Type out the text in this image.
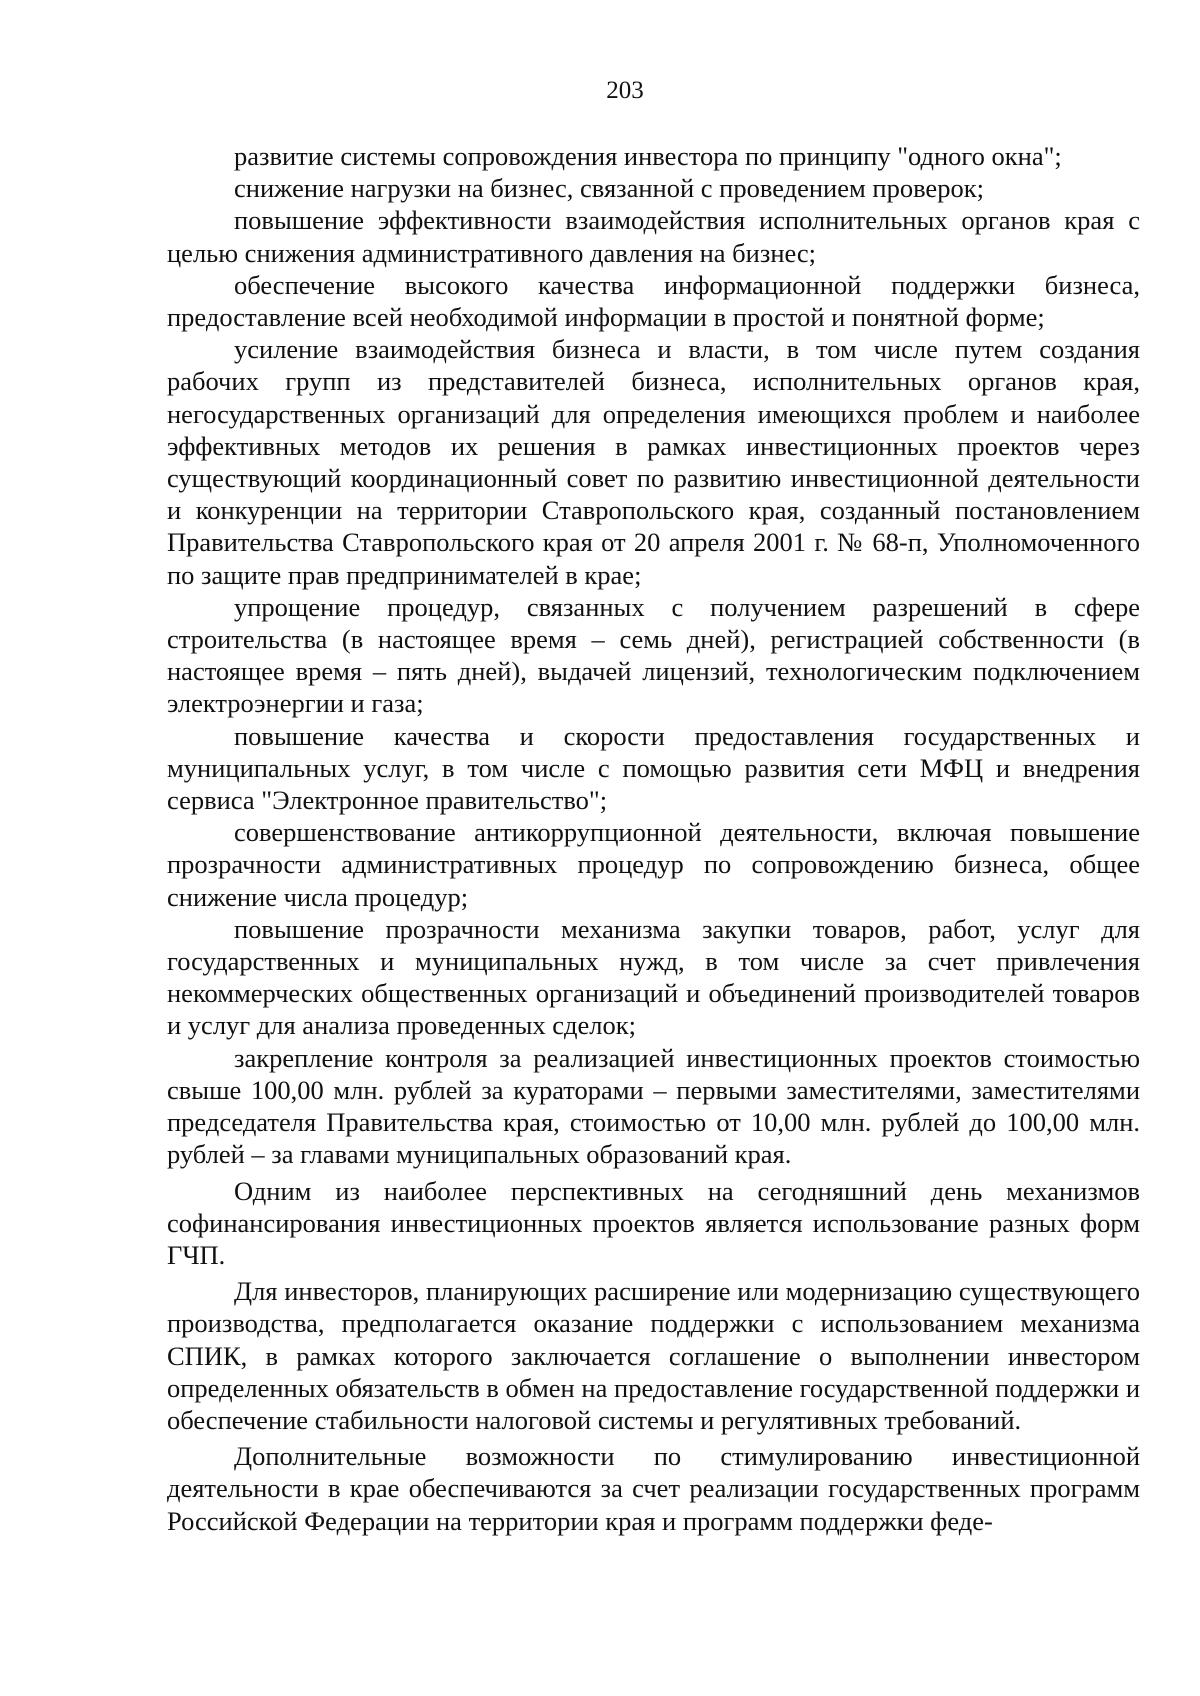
203

развитие системы сопровождения инвестора по принципу "одного окна";

снижение нагрузки на бизнес, связанной с проведением проверок;

повышение эффективности взаимодействия исполнительных органов края с целью снижения административного давления на бизнес;

обеспечение высокого качества информационной поддержки бизнеса, предоставление всей необходимой информации в простой и понятной форме;

усиление взаимодействия бизнеса и власти, в том числе путем создания рабочих групп из представителей бизнеса, исполнительных органов края, негосударственных организаций для определения имеющихся проблем и наиболее эффективных методов их решения в рамках инвестиционных проектов через существующий координационный совет по развитию инвестиционной деятельности и конкуренции на территории Ставропольского края, созданный постановлением Правительства Ставропольского края от 20 апреля 2001 г. № 68-п, Уполномоченного по защите прав предпринимателей в крае;

упрощение процедур, связанных с получением разрешений в сфере строительства (в настоящее время – семь дней), регистрацией собственности (в настоящее время – пять дней), выдачей лицензий, технологическим подключением электроэнергии и газа;

повышение качества и скорости предоставления государственных и муниципальных услуг, в том числе с помощью развития сети МФЦ и внедрения сервиса "Электронное правительство";

совершенствование антикоррупционной деятельности, включая повышение прозрачности административных процедур по сопровождению бизнеса, общее снижение числа процедур;

повышение прозрачности механизма закупки товаров, работ, услуг для государственных и муниципальных нужд, в том числе за счет привлечения некоммерческих общественных организаций и объединений производителей товаров и услуг для анализа проведенных сделок;

закрепление контроля за реализацией инвестиционных проектов стоимостью свыше 100,00 млн. рублей за кураторами – первыми заместителями, заместителями председателя Правительства края, стоимостью от 10,00 млн. рублей до 100,00 млн. рублей – за главами муниципальных образований края.

Одним из наиболее перспективных на сегодняшний день механизмов софинансирования инвестиционных проектов является использование разных форм ГЧП.

Для инвесторов, планирующих расширение или модернизацию существующего производства, предполагается оказание поддержки с использованием механизма СПИК, в рамках которого заключается соглашение о выполнении инвестором определенных обязательств в обмен на предоставление государственной поддержки и обеспечение стабильности налоговой системы и регулятивных требований.

Дополнительные возможности по стимулированию инвестиционной деятельности в крае обеспечиваются за счет реализации государственных программ Российской Федерации на территории края и программ поддержки феде-
